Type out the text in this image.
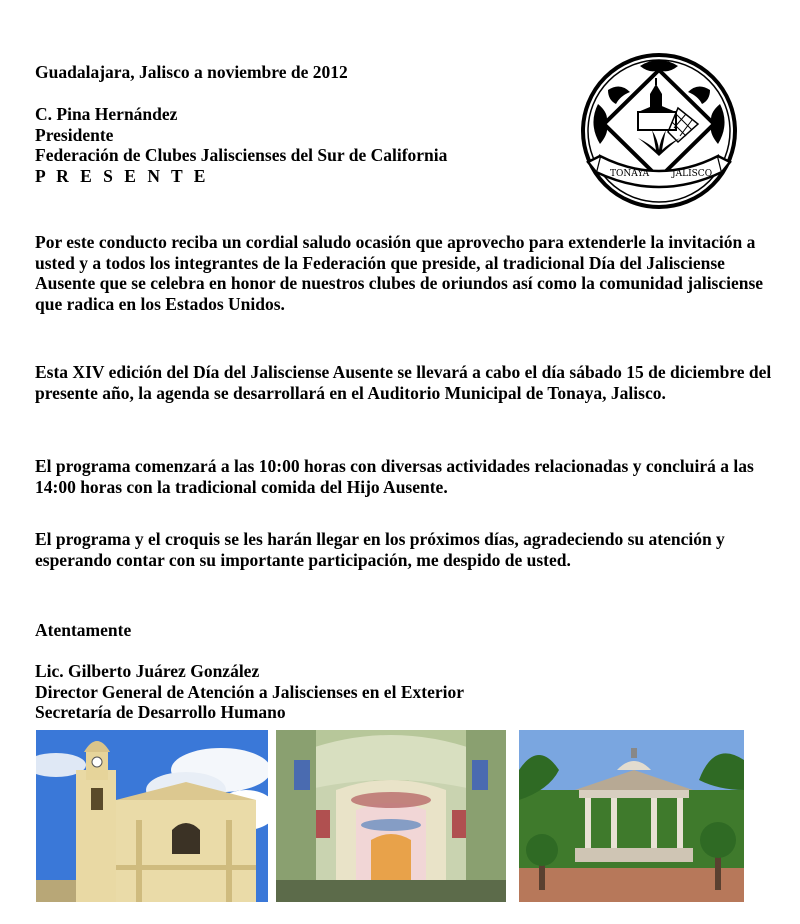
Guadalajara, Jalisco a noviembre de 2012

C. Pina Hernández

Presidente

Federación de Clubes Jaliscienses del Sur de California

P R E S E N T E	TONAYA	JALISCO

Por este conducto reciba un cordial saludo ocasión que aprovecho para extenderle la invitación a usted y a todos los integrantes de la Federación que preside, al tradicional Día del Jalisciense Ausente que se celebra en honor de nuestros clubes de oriundos así como la comunidad jalisciense que radica en los Estados Unidos.

Esta XIV edición del Día del Jalisciense Ausente se llevará a cabo el día sábado 15 de diciembre del presente año, la agenda se desarrollará en el Auditorio Municipal de Tonaya, Jalisco.

El programa comenzará a las 10:00 horas con diversas actividades relacionadas y concluirá a las 14:00 horas con la tradicional comida del Hijo Ausente.

El programa y el croquis se les harán llegar en los próximos días, agradeciendo su atención y esperando contar con su importante participación, me despido de usted.

Atentamente

Lic. Gilberto Juárez González

Director General de Atención a Jaliscienses en el Exterior

Secretaría de Desarrollo Humano
